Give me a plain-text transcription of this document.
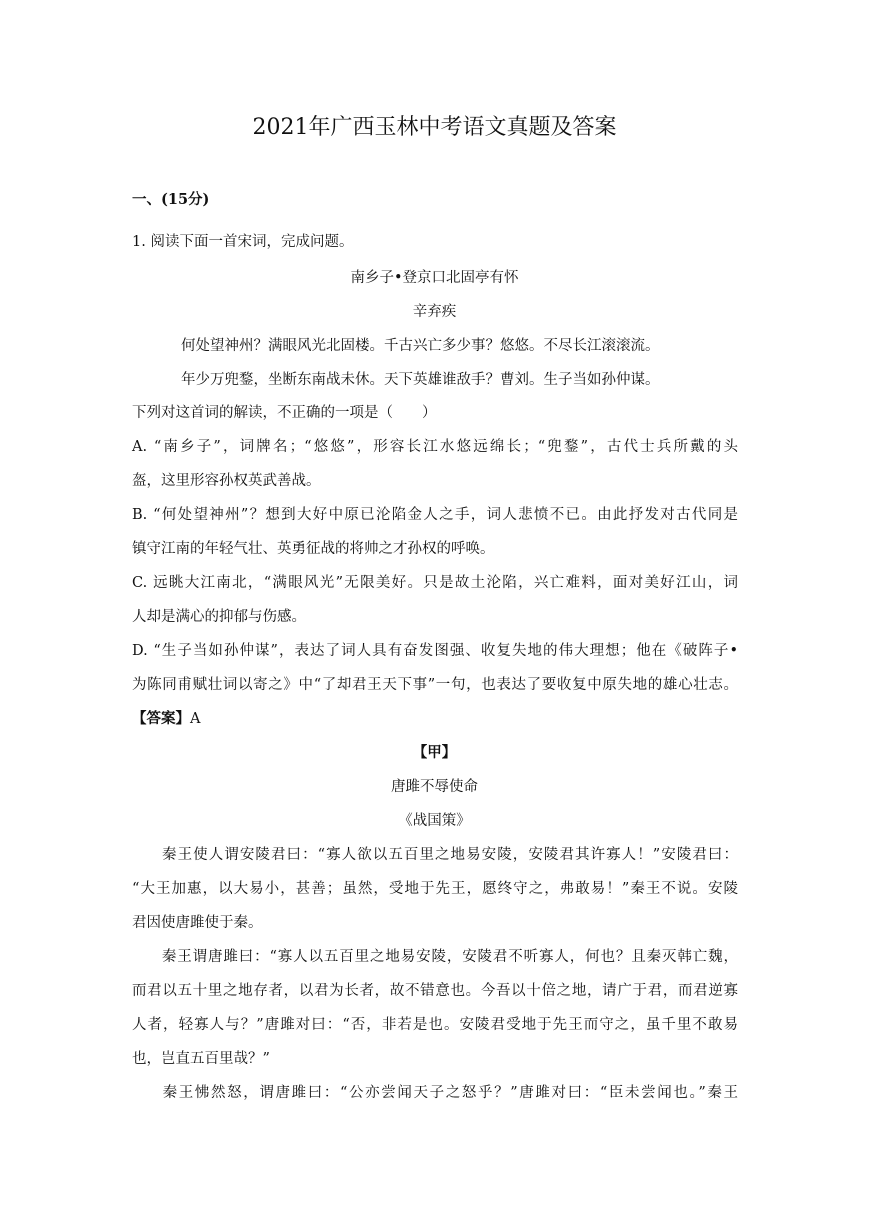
2021年广西玉林中考语文真题及答案
一、(15分)
1. 阅读下面一首宋词，完成问题。
南乡子•登京口北固亭有怀
辛弃疾
何处望神州？满眼风光北固楼。千古兴亡多少事？悠悠。不尽长江滚滚流。
年少万兜鍪，坐断东南战未休。天下英雄谁敌手？曹刘。生子当如孙仲谋。
下列对这首词的解读，不正确的一项是（　　）
A. “南乡子”，词牌名；“悠悠”，形容长江水悠远绵长；“兜鍪”，古代士兵所戴的头
盔，这里形容孙权英武善战。
B. “何处望神州”？想到大好中原已沦陷金人之手，词人悲愤不已。由此抒发对古代同是
镇守江南的年轻气壮、英勇征战的将帅之才孙权的呼唤。
C. 远眺大江南北，“满眼风光”无限美好。只是故土沦陷，兴亡难料，面对美好江山，词
人却是满心的抑郁与伤感。
D. “生子当如孙仲谋”，表达了词人具有奋发图强、收复失地的伟大理想；他在《破阵子•
为陈同甫赋壮词以寄之》中“了却君王天下事”一句，也表达了要收复中原失地的雄心壮志。
【答案】A
【甲】
唐雎不辱使命
《战国策》
秦王使人谓安陵君曰：“寡人欲以五百里之地易安陵，安陵君其许寡人！”安陵君曰：
“大王加惠，以大易小，甚善；虽然，受地于先王，愿终守之，弗敢易！”秦王不说。安陵
君因使唐雎使于秦。
秦王谓唐雎曰：“寡人以五百里之地易安陵，安陵君不听寡人，何也？且秦灭韩亡魏，
而君以五十里之地存者，以君为长者，故不错意也。今吾以十倍之地，请广于君，而君逆寡
人者，轻寡人与？”唐雎对曰：“否，非若是也。安陵君受地于先王而守之，虽千里不敢易
也，岂直五百里哉？”
秦王怫然怒，谓唐雎曰：“公亦尝闻天子之怒乎？”唐雎对曰：“臣未尝闻也。”秦王
